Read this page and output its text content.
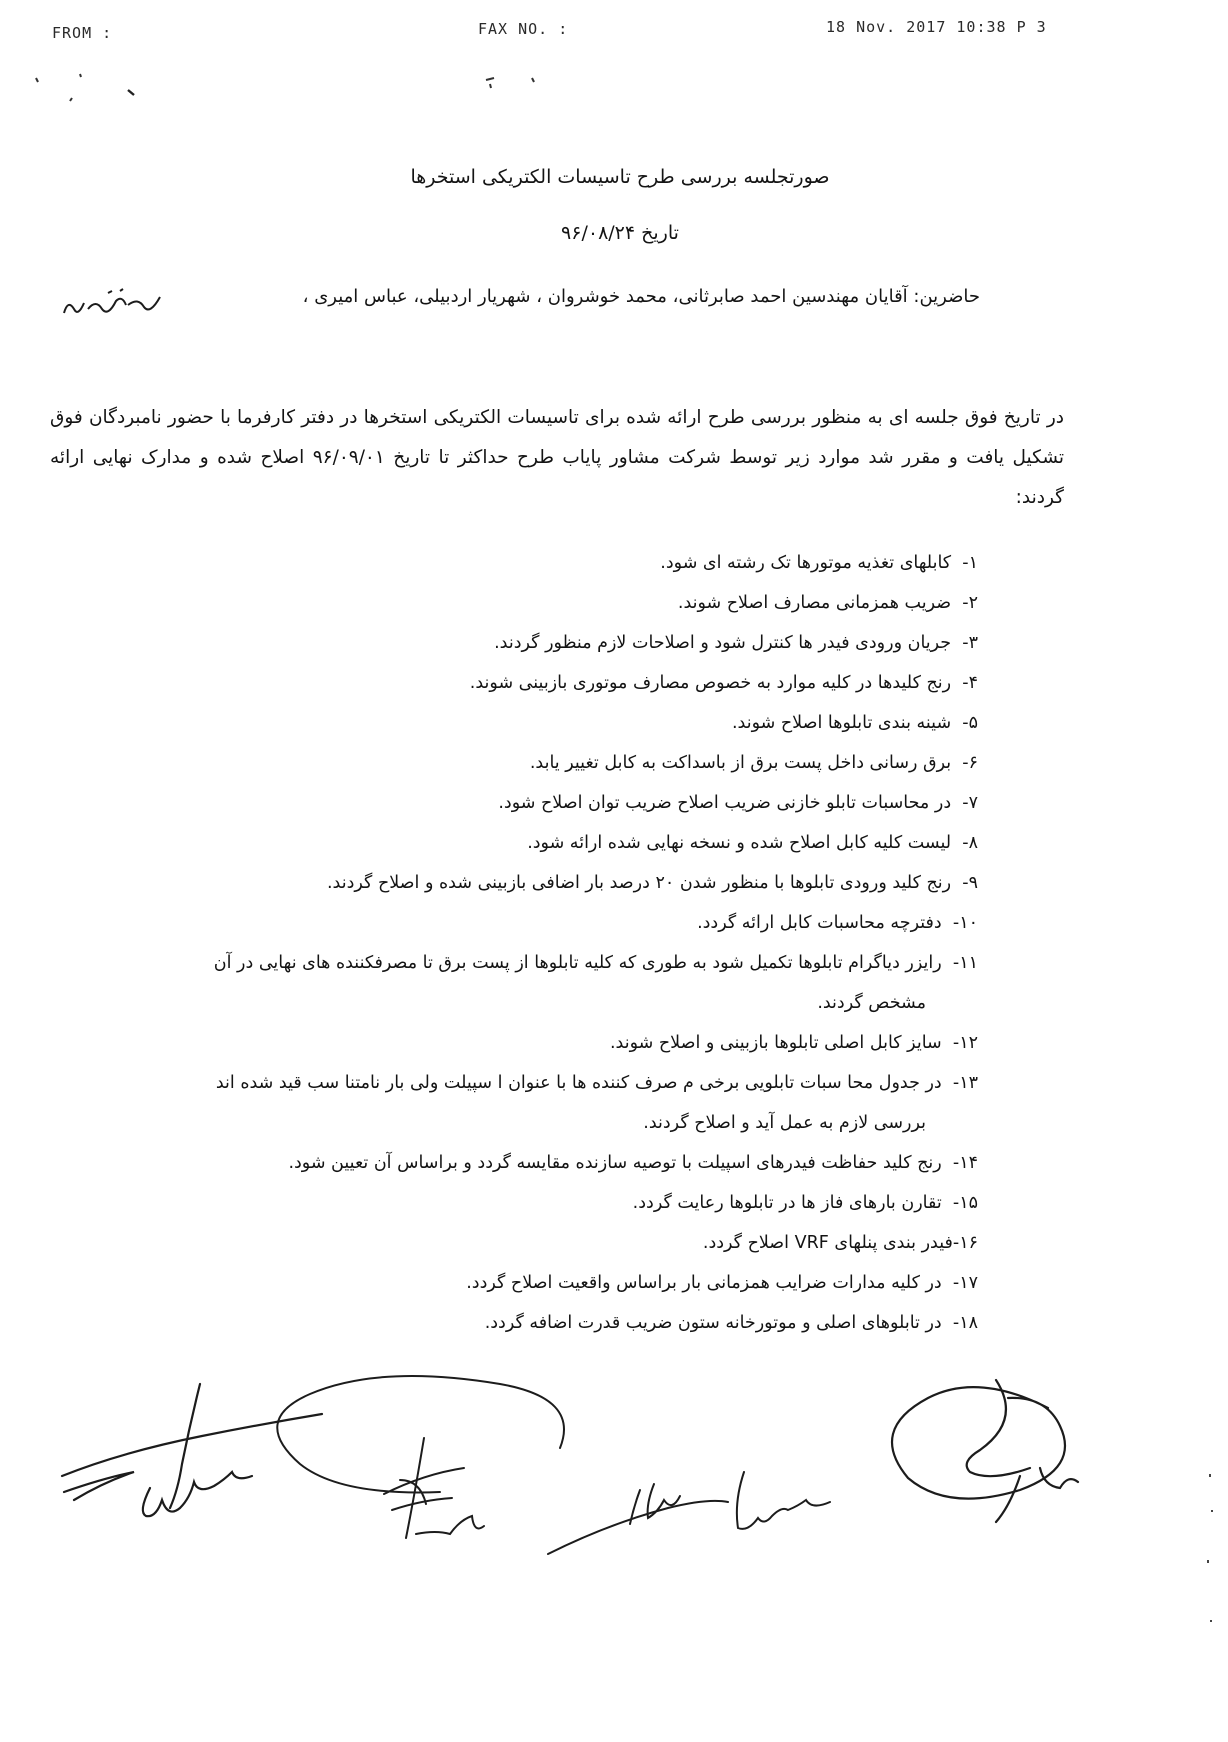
FROM :	FAX NO. :	18 Nov. 2017 10:38 P 3
صورتجلسه بررسی طرح تاسیسات الکتریکی استخرها
تاریخ ۹۶/۰۸/۲۴
حاضرین: آقایان مهندسین احمد صابرثانی، محمد خوشروان ، شهریار اردبیلی، عباس امیری ،
در تاریخ فوق جلسه ای به منظور بررسی طرح ارائه شده برای تاسیسات الکتریکی استخرها در دفتر کارفرما با حضور نامبردگان فوق تشکیل یافت و مقرر شد موارد زیر توسط شرکت مشاور پایاب طرح حداکثر تا تاریخ ۹۶/۰۹/۰۱ اصلاح شده و مدارک نهایی ارائه گردند:
۱-  کابلهای تغذیه موتورها تک رشته ای شود.
۲-  ضریب همزمانی مصارف اصلاح شوند.
۳-  جریان ورودی فیدر ها کنترل شود و اصلاحات لازم منظور گردند.
۴-  رنج کلیدها در کلیه موارد به خصوص مصارف موتوری بازبینی شوند.
۵-  شینه بندی تابلوها اصلاح شوند.
۶-  برق رسانی داخل پست برق از باسداکت به کابل تغییر یابد.
۷-  در محاسبات تابلو خازنی ضریب اصلاح ضریب توان اصلاح شود.
۸-  لیست کلیه کابل اصلاح شده و نسخه نهایی شده ارائه شود.
۹-  رنج کلید ورودی تابلوها با منظور شدن ۲۰ درصد بار اضافی بازبینی شده و اصلاح گردند.
۱۰-  دفترچه محاسبات کابل ارائه گردد.
۱۱-  رایزر دیاگرام تابلوها تکمیل شود به طوری که کلیه تابلوها از پست برق تا مصرفکننده های نهایی در آن
مشخص گردند.
۱۲-  سایز کابل اصلی تابلوها بازبینی و اصلاح شوند.
۱۳-  در جدول محا سبات تابلویی برخی م صرف کننده ها با عنوان ا سپیلت ولی بار نامتنا سب قید شده اند
بررسی لازم به عمل آید و اصلاح گردند.
۱۴-  رنج کلید حفاظت فیدرهای اسپیلت با توصیه سازنده مقایسه گردد و براساس آن تعیین شود.
۱۵-  تقارن بارهای فاز ها در تابلوها رعایت گردد.
۱۶-فیدر بندی پنلهای VRF اصلاح گردد.
۱۷-  در کلیه مدارات ضرایب همزمانی بار براساس واقعیت اصلاح گردد.
۱۸-  در تابلوهای اصلی و موتورخانه ستون ضریب قدرت اضافه گردد.
